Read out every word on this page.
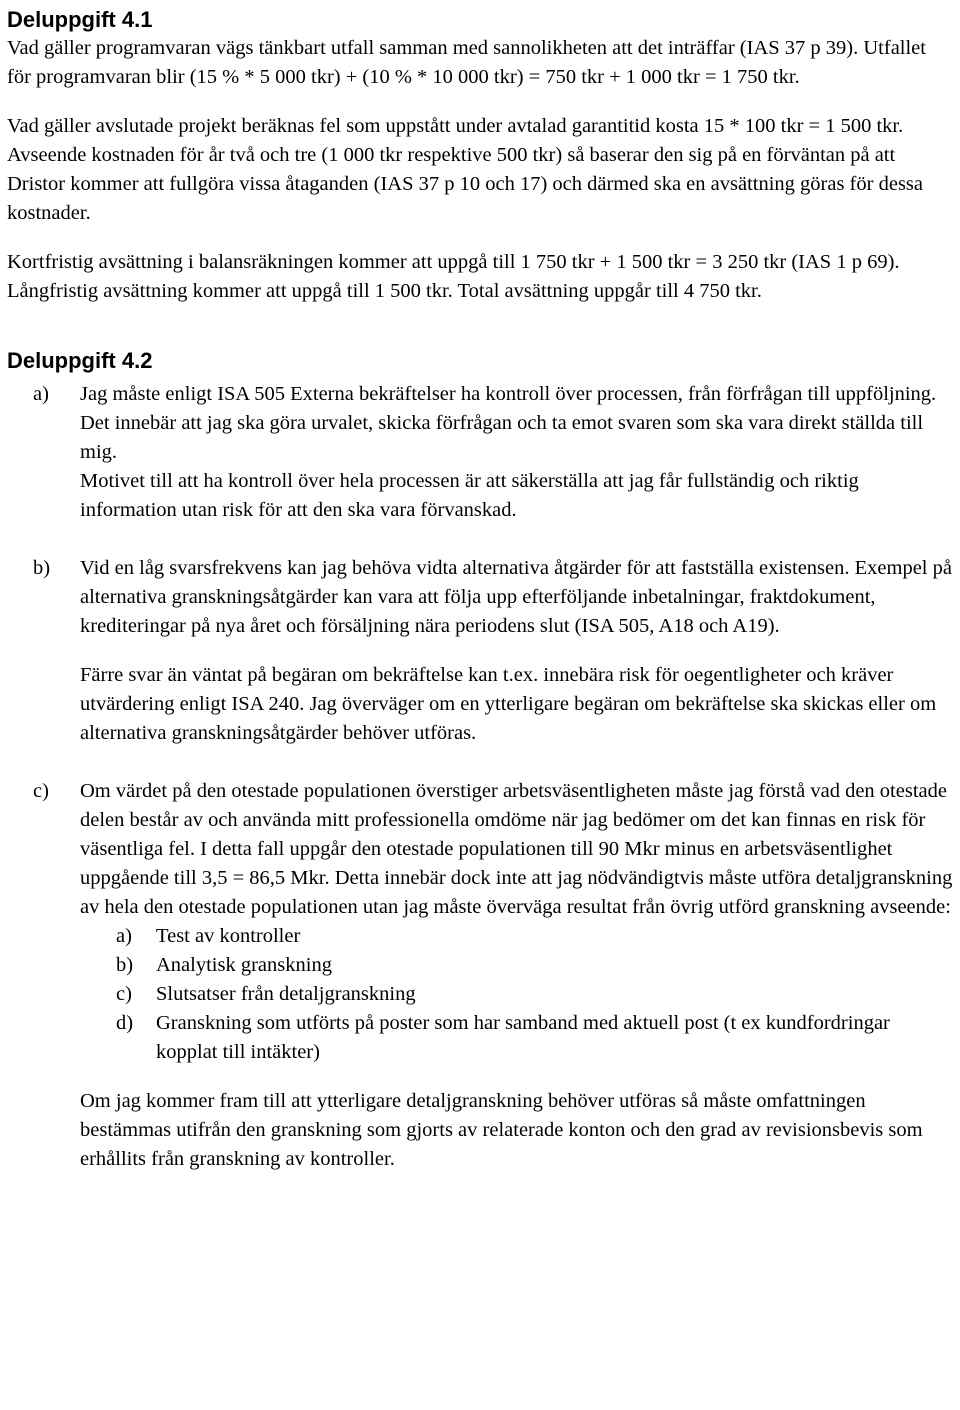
Deluppgift 4.1

Vad gäller programvaran vägs tänkbart utfall samman med sannolikheten att det inträffar (IAS 37 p 39). Utfallet för programvaran blir (15 % * 5 000 tkr) + (10 % * 10 000 tkr) = 750 tkr + 1 000 tkr = 1 750 tkr.

Vad gäller avslutade projekt beräknas fel som uppstått under avtalad garantitid kosta 15 * 100 tkr = 1 500 tkr. Avseende kostnaden för år två och tre (1 000 tkr respektive 500 tkr) så baserar den sig på en förväntan på att Dristor kommer att fullgöra vissa åtaganden (IAS 37 p 10 och 17) och därmed ska en avsättning göras för dessa kostnader.

Kortfristig avsättning i balansräkningen kommer att uppgå till 1 750 tkr + 1 500 tkr = 3 250 tkr (IAS 1 p 69). Långfristig avsättning kommer att uppgå till 1 500 tkr. Total avsättning uppgår till 4 750 tkr.

Deluppgift 4.2
a)	Jag måste enligt ISA 505 Externa bekräftelser ha kontroll över processen, från förfrågan till uppföljning. Det innebär att jag ska göra urvalet, skicka förfrågan och ta emot svaren som ska vara direkt ställda till mig.

Motivet till att ha kontroll över hela processen är att säkerställa att jag får fullständig och riktig information utan risk för att den ska vara förvanskad.

b)	Vid en låg svarsfrekvens kan jag behöva vidta alternativa åtgärder för att fastställa existensen. Exempel på alternativa granskningsåtgärder kan vara att följa upp efterföljande inbetalningar, fraktdokument, krediteringar på nya året och försäljning nära periodens slut (ISA 505, A18 och A19).

Färre svar än väntat på begäran om bekräftelse kan t.ex. innebära risk för oegentligheter och kräver utvärdering enligt ISA 240. Jag överväger om en ytterligare begäran om bekräftelse ska skickas eller om alternativa granskningsåtgärder behöver utföras.

c)	Om värdet på den otestade populationen överstiger arbetsväsentligheten måste jag förstå vad den otestade delen består av och använda mitt professionella omdöme när jag bedömer om det kan finnas en risk för väsentliga fel. I detta fall uppgår den otestade populationen till 90 Mkr minus en arbetsväsentlighet uppgående till 3,5 = 86,5 Mkr. Detta innebär dock inte att jag nödvändigtvis måste utföra detaljgranskning av hela den otestade populationen utan jag måste överväga resultat från övrig utförd granskning avseende:

a)	Test av kontroller
b)	Analytisk granskning
c)	Slutsatser från detaljgranskning
d)	Granskning som utförts på poster som har samband med aktuell post (t ex kundfordringar kopplat till intäkter)

Om jag kommer fram till att ytterligare detaljgranskning behöver utföras så måste omfattningen bestämmas utifrån den granskning som gjorts av relaterade konton och den grad av revisionsbevis som erhållits från granskning av kontroller.
